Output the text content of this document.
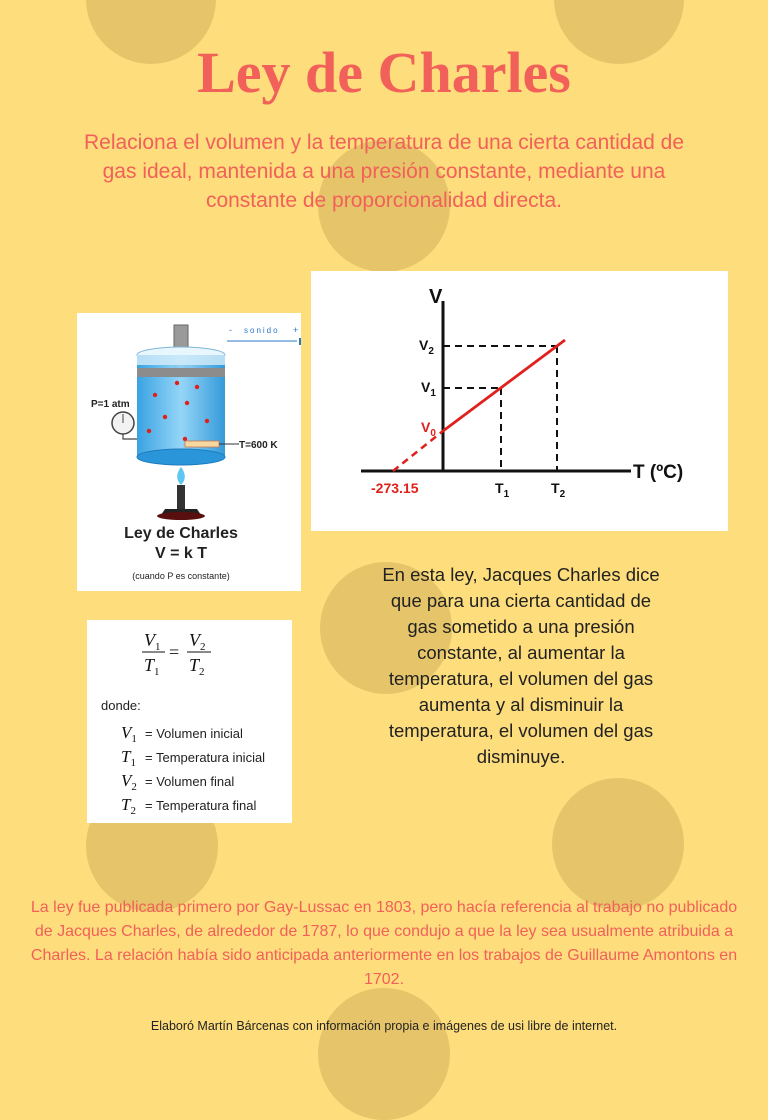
Ley de Charles

Relaciona el volumen y la temperatura de una cierta cantidad de gas ideal, mantenida a una presión constante, mediante una constante de proporcionalidad directa.

- sonido +
T=600 K
P=1 atm
Ley de Charles
V = k T
(cuando P es constante)
V
T (ºC)
$V_2$
$V_1$
$V_0$
-273.15	$T_1$	$T_2$
$V_1$
$T_1$
=
$V_2$
$T_2$
donde:
$V_1$ = Volumen inicial
$T_1$ = Temperatura inicial
$V_2$ = Volumen final
$T_2$ = Temperatura final

En esta ley, Jacques Charles dice que para una cierta cantidad de gas sometido a una presión constante, al aumentar la temperatura, el volumen del gas aumenta y al disminuir la temperatura, el volumen del gas disminuye.

La ley fue publicada primero por Gay-Lussac en 1803, pero hacía referencia al trabajo no publicado de Jacques Charles, de alrededor de 1787, lo que condujo a que la ley sea usualmente atribuida a Charles. La relación había sido anticipada anteriormente en los trabajos de Guillaume Amontons en 1702.

Elaboró Martín Bárcenas con información propia e imágenes de usi libre de internet.
